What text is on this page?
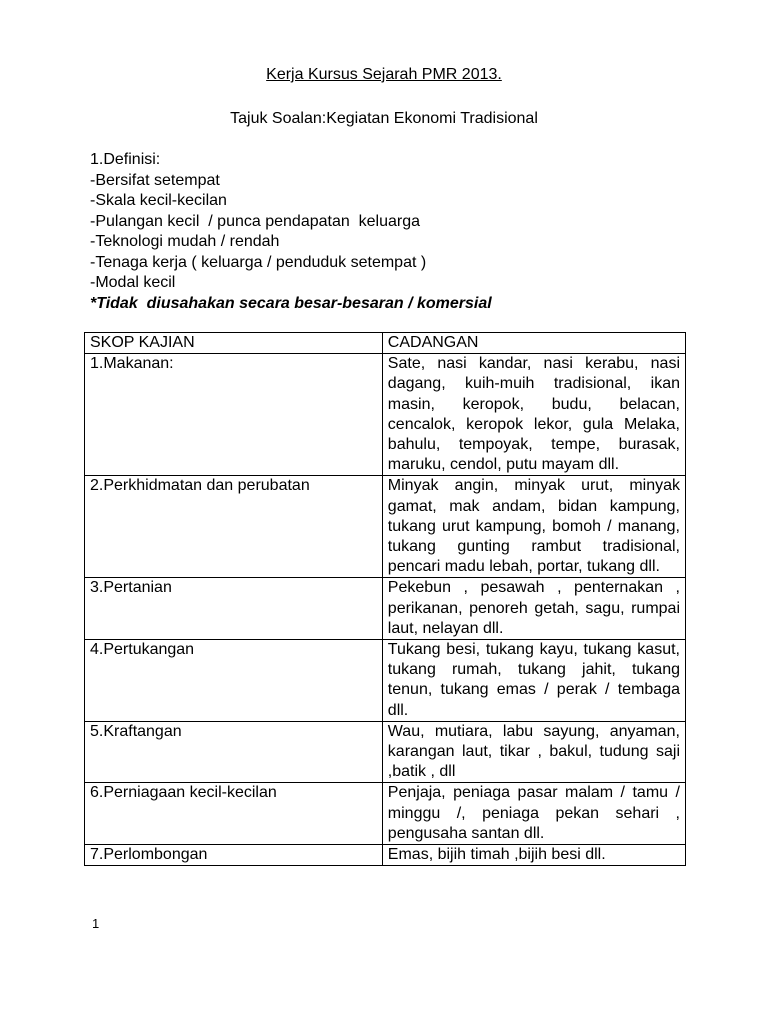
Kerja Kursus Sejarah PMR 2013.
Tajuk Soalan:Kegiatan Ekonomi Tradisional
1.Definisi:
-Bersifat setempat
-Skala kecil-kecilan
-Pulangan kecil  / punca pendapatan  keluarga
-Teknologi mudah / rendah
-Tenaga kerja ( keluarga / penduduk setempat )
-Modal kecil
*Tidak  diusahakan secara besar-besaran / komersial
SKOP KAJIAN	CADANGAN
1.Makanan:	Sate, nasi kandar, nasi kerabu, nasi dagang, kuih-muih tradisional, ikan masin, keropok, budu, belacan, cencalok, keropok lekor, gula Melaka, bahulu, tempoyak, tempe, burasak, maruku, cendol, putu mayam dll.
2.Perkhidmatan dan perubatan	Minyak angin, minyak urut, minyak gamat, mak andam, bidan kampung, tukang urut kampung, bomoh / manang, tukang gunting rambut tradisional, pencari madu lebah, portar, tukang dll.
3.Pertanian	Pekebun , pesawah , penternakan , perikanan, penoreh getah, sagu, rumpai laut, nelayan dll.
4.Pertukangan	Tukang besi, tukang kayu, tukang kasut, tukang rumah, tukang jahit, tukang tenun, tukang emas / perak / tembaga dll.
5.Kraftangan	Wau, mutiara, labu sayung, anyaman, karangan laut, tikar , bakul, tudung saji ,batik , dll
6.Perniagaan kecil-kecilan	Penjaja, peniaga pasar malam / tamu / minggu /, peniaga pekan sehari , pengusaha santan dll.
7.Perlombongan	Emas, bijih timah ,bijih besi dll.
1
